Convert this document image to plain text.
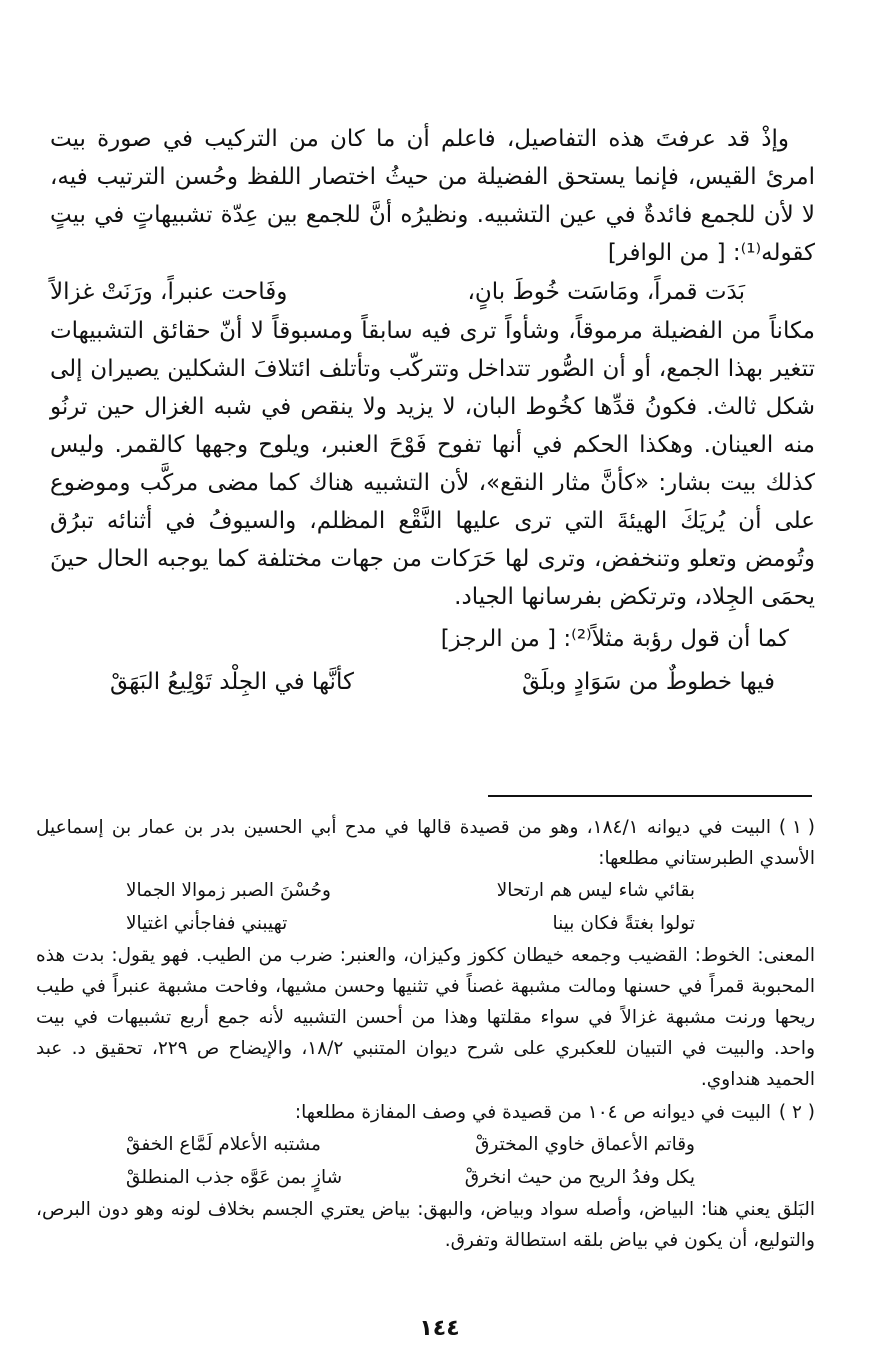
وإذْ قد عرفتَ هذه التفاصيل، فاعلم أن ما كان من التركيب في صورة بيت امرئ القيس، فإنما يستحق الفضيلة من حيثُ اختصار اللفظ وحُسن الترتيب فيه، لا لأن للجمع فائدةٌ في عين التشبيه. ونظيرُه أنَّ للجمع بين عِدّة تشبيهاتٍ في بيتٍ كقوله⁽¹⁾: [ من الوافر]

بَدَت قمراً، ومَاسَت خُوطَ بانٍ،
وفَاحت عنبراً، ورَنَتْ غزالاً

مكاناً من الفضيلة مرموقاً، وشأواً ترى فيه سابقاً ومسبوقاً لا أنّ حقائق التشبيهات تتغير بهذا الجمع، أو أن الصُّور تتداخل وتتركّب وتأتلف ائتلافَ الشكلين يصيران إلى شكل ثالث. فكونُ قدِّها كخُوط البان، لا يزيد ولا ينقص في شبه الغزال حين ترنُو منه العينان. وهكذا الحكم في أنها تفوح فَوْحَ العنبر، ويلوح وجهها كالقمر. وليس كذلك بيت بشار: «كأنَّ مثار النقع»، لأن التشبيه هناك كما مضى مركَّب وموضوع على أن يُريَكَ الهيئةَ التي ترى عليها النَّقْع المظلم، والسيوفُ في أثنائه تبرُق وتُومض وتعلو وتنخفض، وترى لها حَرَكات من جهات مختلفة كما يوجبه الحال حينَ يحمَى الجِلاد، وترتكض بفرسانها الجياد.

كما أن قول رؤبة مثلاً⁽²⁾: [ من الرجز]

فيها خطوطٌ من سَوَادٍ وبلَقْ
كأنَّها في الجِلْد تَوْلِيعُ البَهَقْ

( ١ )البيت في ديوانه ١٨٤/١، وهو من قصيدة قالها في مدح أبي الحسين بدر بن عمار بن إسماعيل الأسدي الطبرستاني مطلعها:

بقائي شاء ليس هم ارتحالا
وحُسْنَ الصبر زموالا الجمالا
تولوا بغتةً فكان بينا
تهيبني ففاجأني اغتيالا

المعنى: الخوط: القضيب وجمعه خيطان ككوز وكيزان، والعنبر: ضرب من الطيب. فهو يقول: بدت هذه المحبوبة قمراً في حسنها ومالت مشبهة غصناً في تثنيها وحسن مشيها، وفاحت مشبهة عنبراً في طيب ريحها ورنت مشبهة غزالاً في سواء مقلتها وهذا من أحسن التشبيه لأنه جمع أربع تشبيهات في بيت واحد. والبيت في التبيان للعكبري على شرح ديوان المتنبي ١٨/٢، والإيضاح ص ٢٢٩، تحقيق د. عبد الحميد هنداوي.

( ٢ )البيت في ديوانه ص ١٠٤ من قصيدة في وصف المفازة مطلعها:

وقاتم الأعماق خاوي المخترقْ
مشتبه الأعلام لَمَّاع الخفقْ
يكل وفدُ الريح من حيث انخرقْ
شازٍ بمن عَوَّه جذب المنطلقْ

البَلق يعني هنا: البياض، وأصله سواد وبياض، والبهق: بياض يعتري الجسم بخلاف لونه وهو دون البرص، والتوليع، أن يكون في بياض بلقه استطالة وتفرق.

١٤٤
